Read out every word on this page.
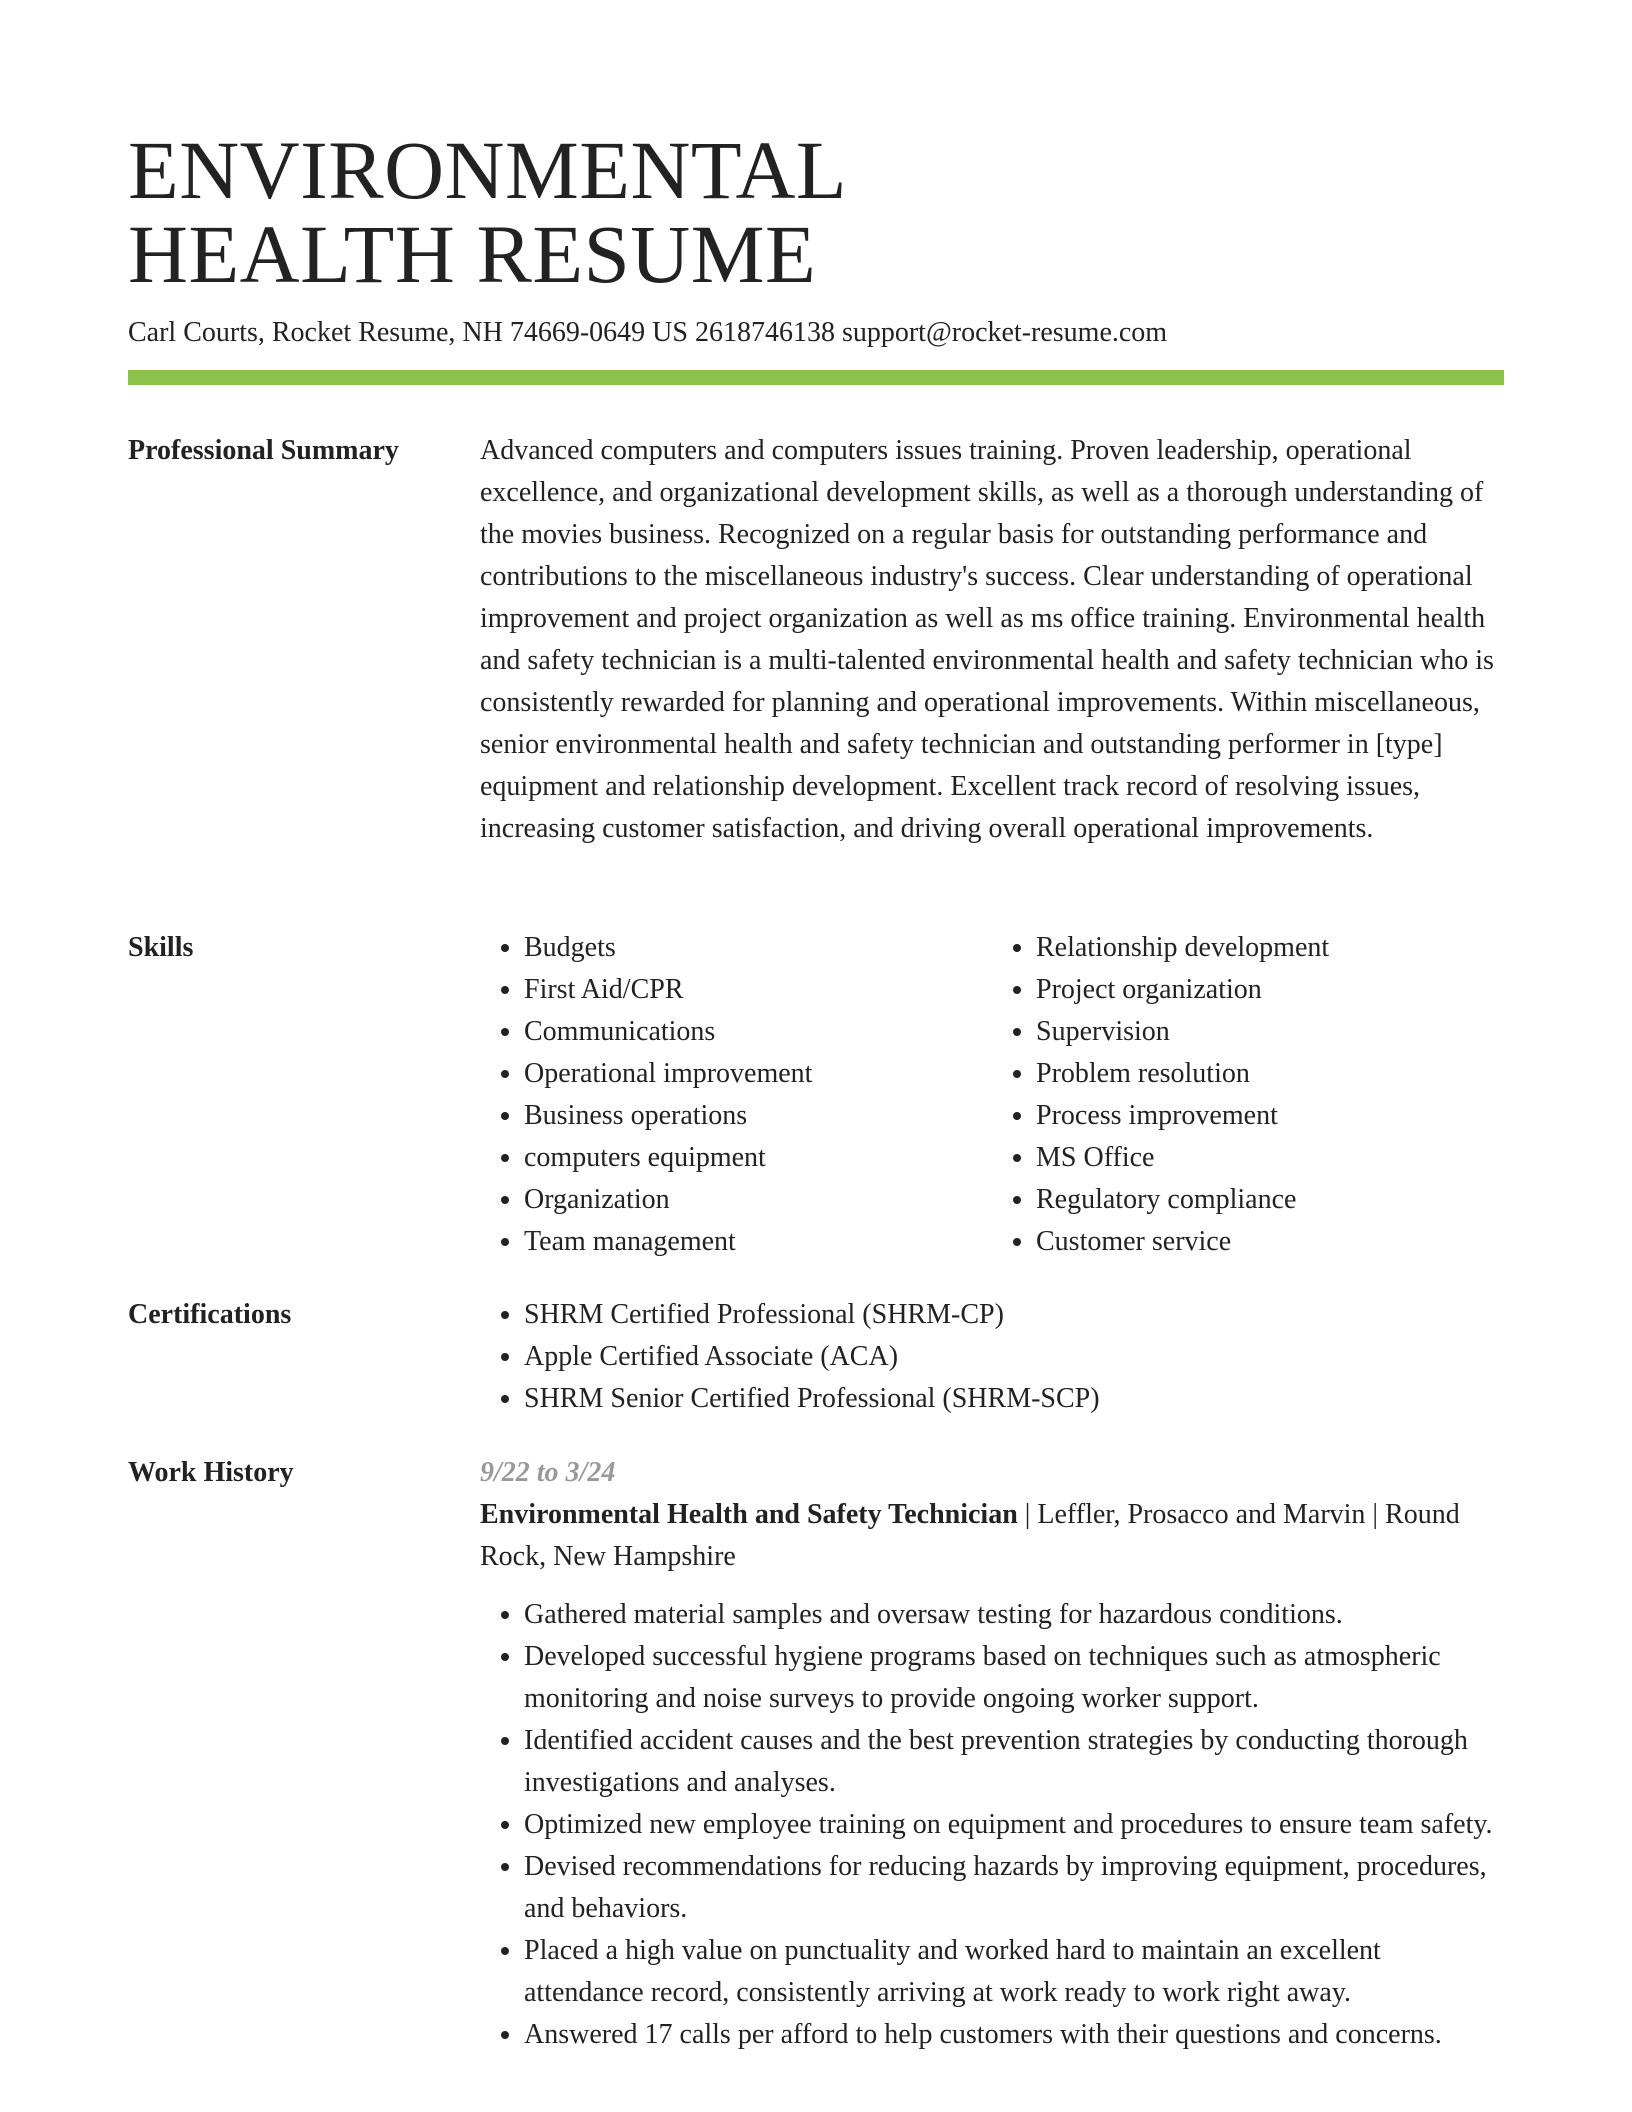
ENVIRONMENTAL
HEALTH RESUME
Carl Courts, Rocket Resume, NH 74669-0649 US 2618746138 support@rocket-resume.com
Professional Summary	Advanced computers and computers issues training. Proven leadership, operational excellence, and organizational development skills, as well as a thorough understanding of the movies business. Recognized on a regular basis for outstanding performance and contributions to the miscellaneous industry's success. Clear understanding of operational improvement and project organization as well as ms office training. Environmental health and safety technician is a multi-talented environmental health and safety technician who is consistently rewarded for planning and operational improvements. Within miscellaneous, senior environmental health and safety technician and outstanding performer in [type] equipment and relationship development. Excellent track record of resolving issues, increasing customer satisfaction, and driving overall operational improvements.

Skills	• Budgets
• First Aid/CPR
• Communications
• Operational improvement
• Business operations
• computers equipment
• Organization
• Team management
• Relationship development
• Project organization
• Supervision
• Problem resolution
• Process improvement
• MS Office
• Regulatory compliance
• Customer service
Certifications	• SHRM Certified Professional (SHRM-CP)
• Apple Certified Associate (ACA)
• SHRM Senior Certified Professional (SHRM-SCP)
Work History	9/22 to 3/24

Environmental Health and Safety Technician | Leffler, Prosacco and Marvin | Round Rock, New Hampshire

• Gathered material samples and oversaw testing for hazardous conditions.
• Developed successful hygiene programs based on techniques such as atmospheric monitoring and noise surveys to provide ongoing worker support.
• Identified accident causes and the best prevention strategies by conducting thorough investigations and analyses.
• Optimized new employee training on equipment and procedures to ensure team safety.
• Devised recommendations for reducing hazards by improving equipment, procedures, and behaviors.
• Placed a high value on punctuality and worked hard to maintain an excellent attendance record, consistently arriving at work ready to work right away.
• Answered 17 calls per afford to help customers with their questions and concerns.
